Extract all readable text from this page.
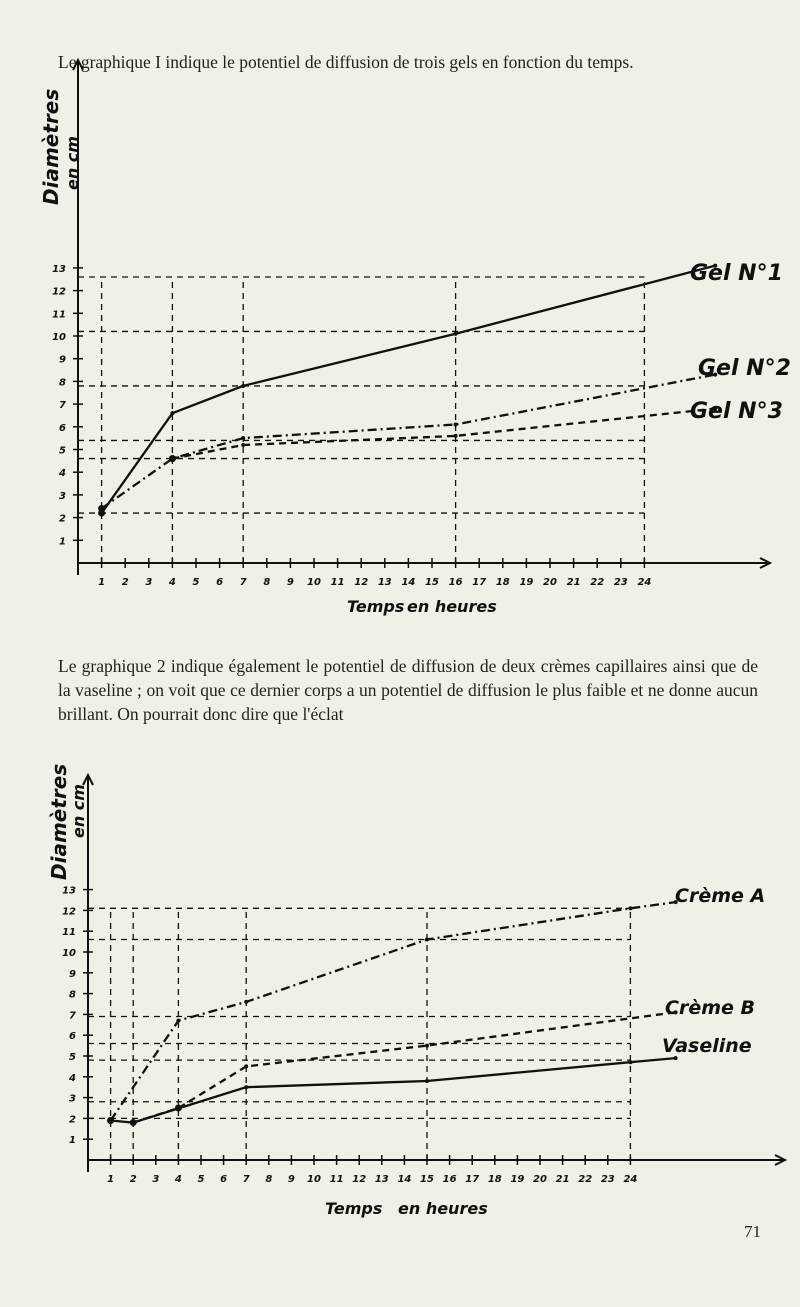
Le graphique I indique le potentiel de diffusion de trois gels en fonction du temps.
1 2 3 4 5 6 7 8 9 10 11 12 13 14 15 16 17 18 19 20 21 22 23 24
1
2
3
4
5
6
7
8
9
10
11
12
13
Diamètres en cm
Temps en heures
Gel N°1
Gel N°2
Gel N°3
Le graphique 2 indique également le potentiel de diffusion de deux crèmes capillaires ainsi que de la vaseline ; on voit que ce dernier corps a un potentiel de diffusion le plus faible et ne donne aucun brillant. On pourrait donc dire que l'éclat
1 2 3 4 5 6 7 8 9 10 11 12 13 14 15 16 17 18 19 20 21 22 23 24
1
2
3
4
5
6
7
8
9
10
11
12
13
Diamètres
en cm
Temps en heures
Crème A
Crème B
Vaseline
71
